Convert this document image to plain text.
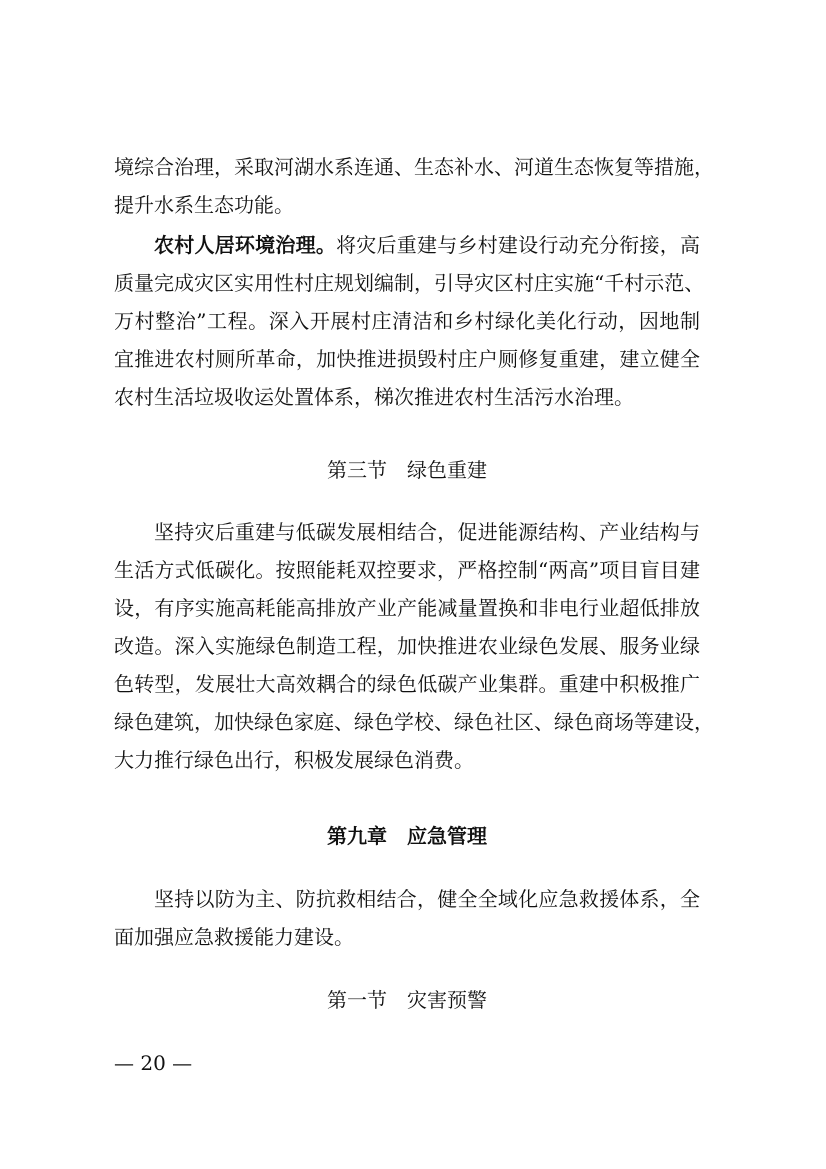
境综合治理，采取河湖水系连通、生态补水、河道生态恢复等措施，
提升水系生态功能。
农村人居环境治理。将灾后重建与乡村建设行动充分衔接，高
质量完成灾区实用性村庄规划编制，引导灾区村庄实施“千村示范、
万村整治”工程。深入开展村庄清洁和乡村绿化美化行动，因地制
宜推进农村厕所革命，加快推进损毁村庄户厕修复重建，建立健全
农村生活垃圾收运处置体系，梯次推进农村生活污水治理。
第三节　绿色重建
坚持灾后重建与低碳发展相结合，促进能源结构、产业结构与
生活方式低碳化。按照能耗双控要求，严格控制“两高”项目盲目建
设，有序实施高耗能高排放产业产能减量置换和非电行业超低排放
改造。深入实施绿色制造工程，加快推进农业绿色发展、服务业绿
色转型，发展壮大高效耦合的绿色低碳产业集群。重建中积极推广
绿色建筑，加快绿色家庭、绿色学校、绿色社区、绿色商场等建设，
大力推行绿色出行，积极发展绿色消费。
第九章　应急管理
坚持以防为主、防抗救相结合，健全全域化应急救援体系，全
面加强应急救援能力建设。
第一节　灾害预警
— 20 —
